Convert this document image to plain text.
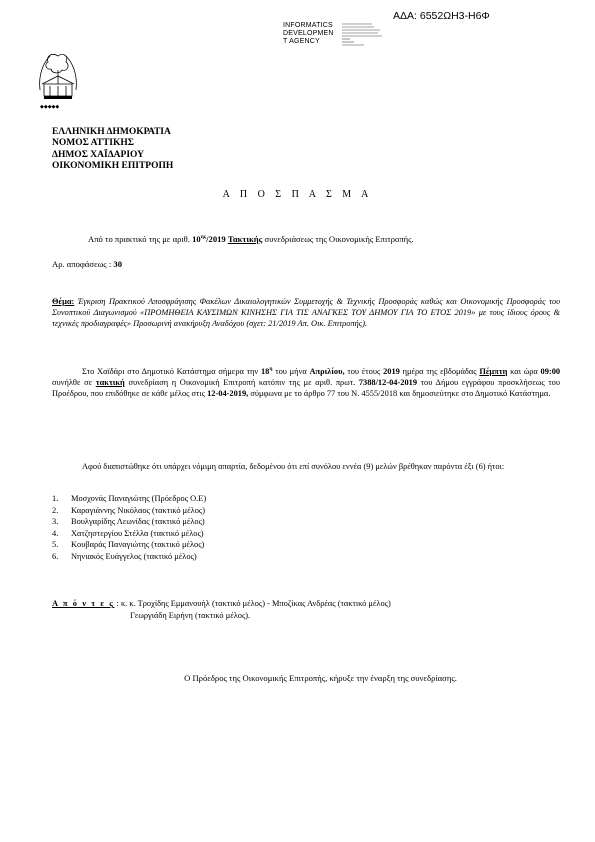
ΑΔΑ: 6552ΩΗ3-Η6Φ
INFORMATICS
DEVELOPMEN
T AGENCY
◆◆◆◆◆
ΕΛΛΗΝΙΚΗ ΔΗΜΟΚΡΑΤΙΑ
ΝΟΜΟΣ ΑΤΤΙΚΗΣ
ΔΗΜΟΣ ΧΑΪΔΑΡΙΟΥ
ΟΙΚΟΝΟΜΙΚΗ ΕΠΙΤΡΟΠΗ
Α Π Ο Σ Π Α Σ Μ Α
Από το πρακτικό της με αριθ. $10^{\eta\varsigma}/2019$ Τακτικής συνεδριάσεως της Οικονομικής Επιτροπής.
Αρ. αποφάσεως : 30
Θέμα: Έγκριση Πρακτικού Αποσφράγισης Φακέλων Δικαιολογητικών Συμμετοχής & Τεχνικής Προσφοράς καθώς και Οικονομικής Προσφοράς του Συνοπτικού Διαγωνισμού «ΠΡΟΜΗΘΕΙΑ ΚΑΥΣΙΜΩΝ ΚΙΝΗΣΗΣ ΓΙΑ ΤΙΣ ΑΝΑΓΚΕΣ ΤΟΥ ΔΗΜΟΥ ΓΙΑ ΤΟ ΕΤΟΣ 2019» με τους ίδιους όρους & τεχνικές προδιαγραφές» Προσωρινή ανακήρυξη Αναδόχου (σχετ: 21/2019 Απ. Οικ. Επιτροπής).
Στο Χαϊδάρι στο Δημοτικό Κατάστημα σήμερα την $18^\eta$ του μήνα Απριλίου, του έτους 2019 ημέρα της εβδομάδας Πέμπτη και ώρα 09:00 συνήλθε σε τακτική συνεδρίαση η Οικονομική Επιτροπή κατόπιν της με αριθ. πρωτ. 7388/12-04-2019 του Δήμου εγγράφου προσκλήσεως του Προέδρου, που επιδόθηκε σε κάθε μέλος στις 12-04-2019, σύμφωνα με το άρθρο 77 του Ν. 4555/2018 και δημοσιεύτηκε στο Δημοτικό Κατάστημα.
Αφού διαπιστώθηκε ότι υπάρχει νόμιμη απαρτία, δεδομένου ότι επί συνόλου εννέα (9) μελών βρέθηκαν παρόντα έξι (6) ήτοι:
1.	Μοσχονάς Παναγιώτης (Πρόεδρος Ο.Ε)
2.	Καραγιάννης Νικόλαος (τακτικό μέλος)
3.	Βουλγαρίδης Λεωνίδας (τακτικό μέλος)
4.	Χατζηστεργίου Στέλλα (τακτικό μέλος)
5.	Κουβαράς Παναγιώτης (τακτικό μέλος)
6.	Νηνιακός Ευάγγελος (τακτικό μέλος)
Α π ό ν τ ε ς : κ. κ. Τροχίδης Εμμανουήλ (τακτικό μέλος) - Μποζίκας Ανδρέας (τακτικό μέλος)
Γεωργιάδη Ειρήνη (τακτικό μέλος).
Ο Πρόεδρος της Οικονομικής Επιτροπής, κήρυξε την έναρξη της συνεδρίασης.
